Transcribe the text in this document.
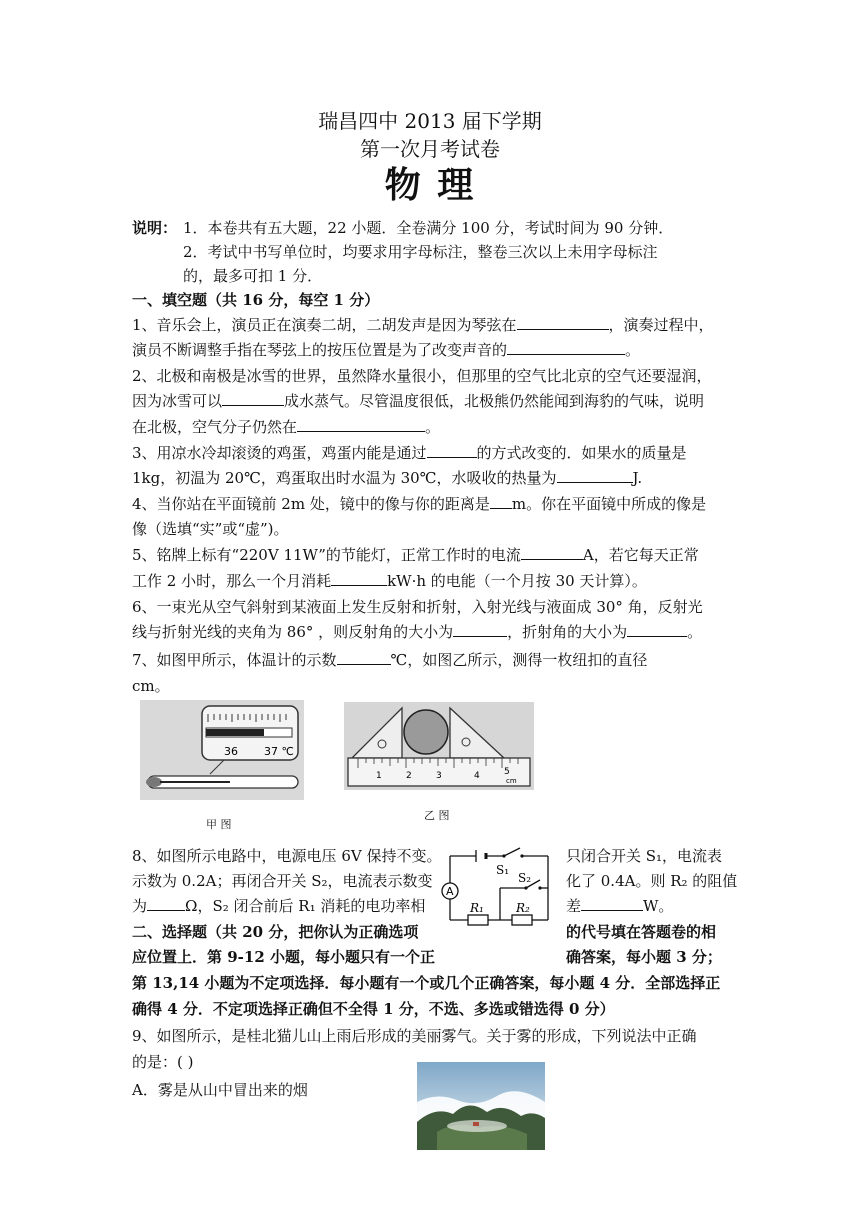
瑞昌四中 2013 届下学期
第一次月考试卷
物 理
说明： 1．本卷共有五大题，22 小题．全卷满分 100 分，考试时间为 90 分钟．
2．考试中书写单位时，均要求用字母标注，整卷三次以上未用字母标注
的，最多可扣 1 分．
一、填空题（共 16 分，每空 1 分）
1、音乐会上，演员正在演奏二胡，二胡发声是因为琴弦在	，演奏过程中，
演员不断调整手指在琴弦上的按压位置是为了改变声音的	。
2、北极和南极是冰雪的世界，虽然降水量很小，但那里的空气比北京的空气还要湿润，
因为冰雪可以	成水蒸气。尽管温度很低，北极熊仍然能闻到海豹的气味，说明
在北极，空气分子仍然在	。
3、用凉水冷却滚烫的鸡蛋，鸡蛋内能是通过	的方式改变的．如果水的质量是
1kg，初温为 20℃，鸡蛋取出时水温为 30℃，水吸收的热量为	J.
4、当你站在平面镜前 2m 处，镜中的像与你的距离是 m。你在平面镜中所成的像是
像（选填“实”或“虚”)。
5、铭牌上标有“220V 11W”的节能灯，正常工作时的电流	A，若它每天正常
工作 2 小时，那么一个月消耗	kW·h 的电能（一个月按 30 天计算）。
6、一束光从空气斜射到某液面上发生反射和折射，入射光线与液面成 30° 角，反射光
线与折射光线的夹角为 86° ，则反射角的大小为	，折射角的大小为	。
7、如图甲所示，体温计的示数	℃，如图乙所示，测得一枚纽扣的直径
cm。
36 37 ℃
甲 图
1	2	3	4	5
cm
乙 图
8、如图所示电路中，电源电压 6V 保持不变。
示数为 0.2A；再闭合开关 S₂，电流表示数变
为	Ω，S₂ 闭合前后 R₁ 消耗的电功率相
只闭合开关 S₁，电流表
化了 0.4A。则 R₂ 的阻值
差	W。
S₁
S₂
A
R₁	R₂
二、选择题（共 20 分，把你认为正确选项	的代号填在答题卷的相
应位置上．第 9-12 小题，每小题只有一个正	确答案，每小题 3 分；
第 13,14 小题为不定项选择．每小题有一个或几个正确答案，每小题 4 分．全部选择正
确得 4 分．不定项选择正确但不全得 1 分，不选、多选或错选得 0 分）
9、如图所示，是桂北猫儿山上雨后形成的美丽雾气。关于雾的形成，下列说法中正确
的是：( )
A．雾是从山中冒出来的烟
